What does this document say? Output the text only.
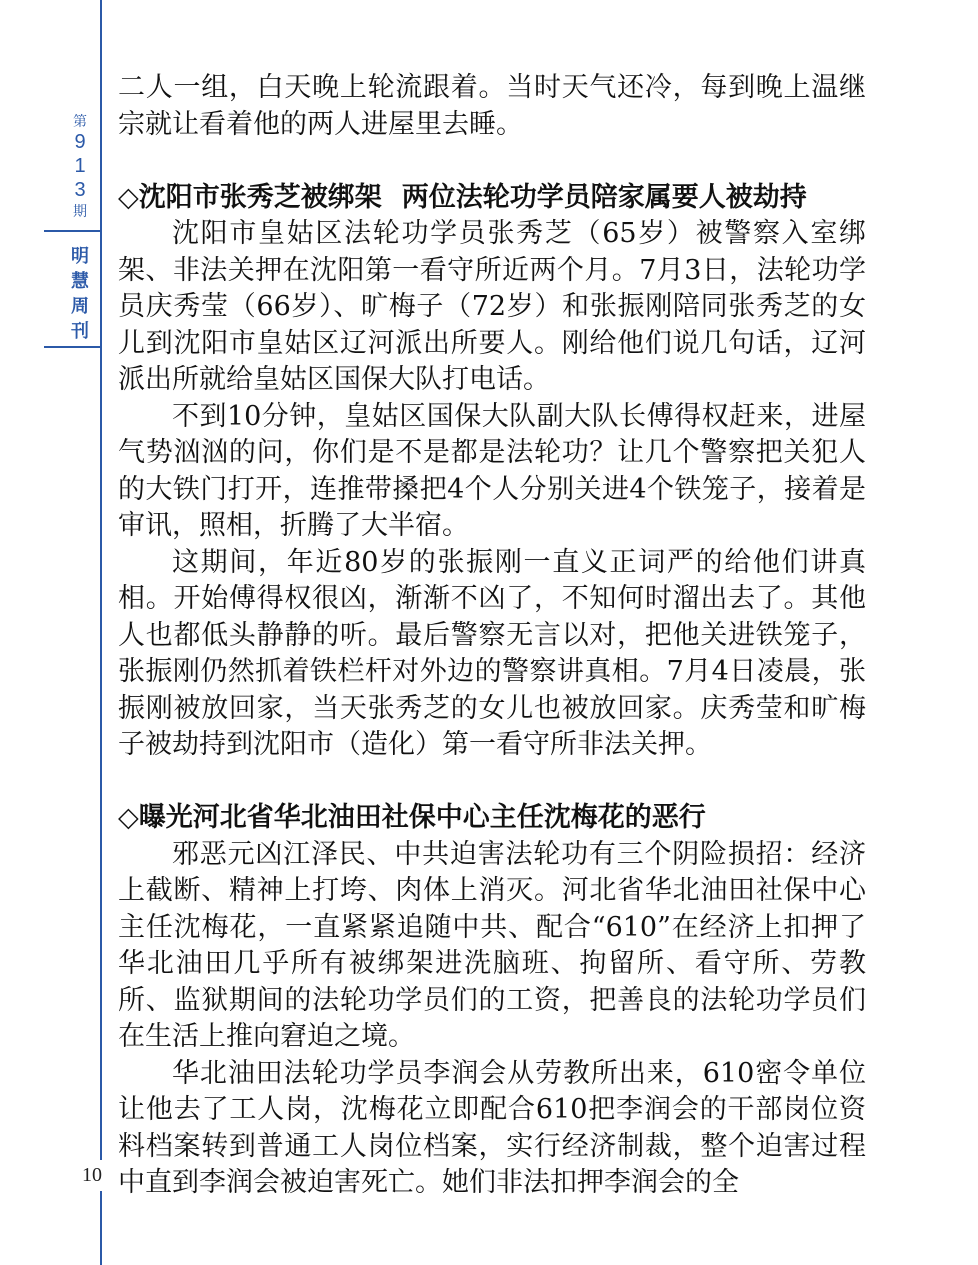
第
9
1
3
期
明
慧
周
刊
10

二人一组，白天晚上轮流跟着。当时天气还冷，每到晚上温继宗就让看着他的两人进屋里去睡。

◇沈阳市张秀芝被绑架 两位法轮功学员陪家属要人被劫持

沈阳市皇姑区法轮功学员张秀芝（65岁）被警察入室绑架、非法关押在沈阳第一看守所近两个月。7月3日，法轮功学员庆秀莹（66岁）、旷梅子（72岁）和张振刚陪同张秀芝的女儿到沈阳市皇姑区辽河派出所要人。刚给他们说几句话，辽河派出所就给皇姑区国保大队打电话。

不到10分钟，皇姑区国保大队副大队长傅得权赶来，进屋气势汹汹的问，你们是不是都是法轮功？让几个警察把关犯人的大铁门打开，连推带搡把4个人分别关进4个铁笼子，接着是审讯，照相，折腾了大半宿。

这期间，年近80岁的张振刚一直义正词严的给他们讲真相。开始傅得权很凶，渐渐不凶了，不知何时溜出去了。其他人也都低头静静的听。最后警察无言以对，把他关进铁笼子，张振刚仍然抓着铁栏杆对外边的警察讲真相。7月4日凌晨，张振刚被放回家，当天张秀芝的女儿也被放回家。庆秀莹和旷梅子被劫持到沈阳市（造化）第一看守所非法关押。

◇曝光河北省华北油田社保中心主任沈梅花的恶行

邪恶元凶江泽民、中共迫害法轮功有三个阴险损招：经济上截断、精神上打垮、肉体上消灭。河北省华北油田社保中心主任沈梅花，一直紧紧追随中共、配合“610”在经济上扣押了华北油田几乎所有被绑架进洗脑班、拘留所、看守所、劳教所、监狱期间的法轮功学员们的工资，把善良的法轮功学员们在生活上推向窘迫之境。

华北油田法轮功学员李润会从劳教所出来，610密令单位让他去了工人岗，沈梅花立即配合610把李润会的干部岗位资料档案转到普通工人岗位档案，实行经济制裁，整个迫害过程中直到李润会被迫害死亡。她们非法扣押李润会的全
